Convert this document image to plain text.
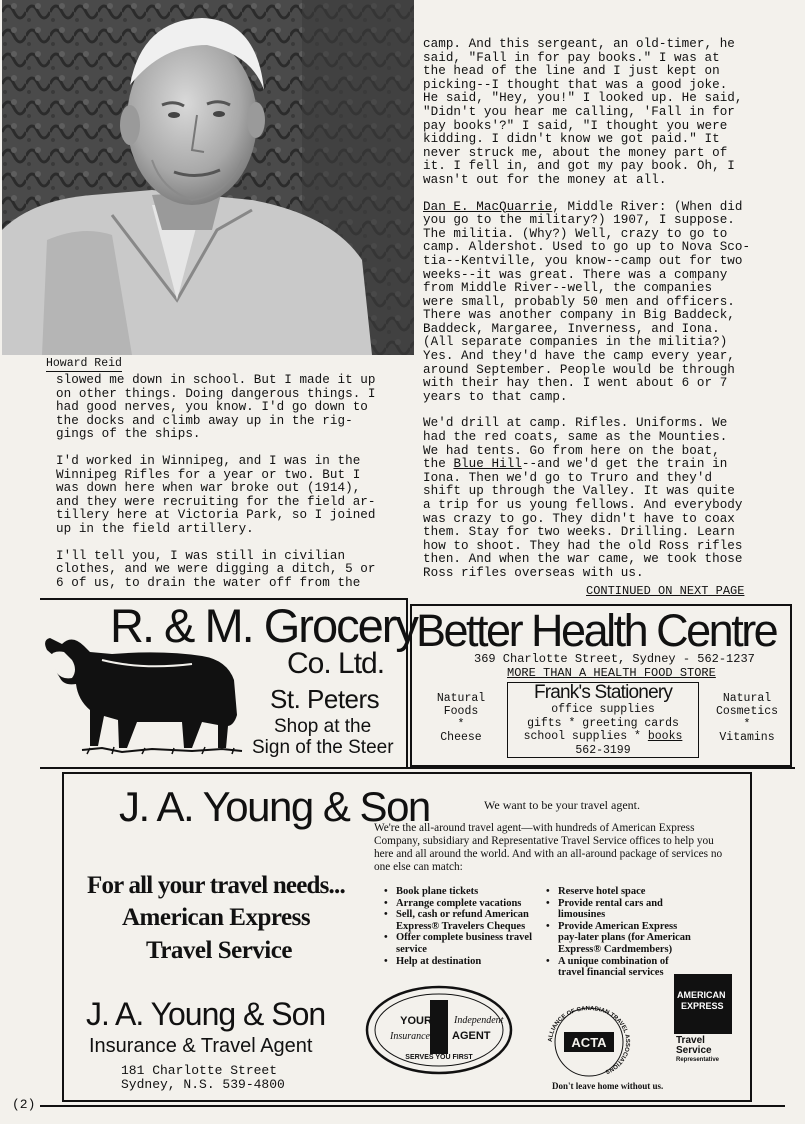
Howard Reid

slowed me down in school. But I made it up

on other things. Doing dangerous things. I

had good nerves, you know. I'd go down to

the docks and climb away up in the rig-

gings of the ships.

I'd worked in Winnipeg, and I was in the

Winnipeg Rifles for a year or two. But I

was down here when war broke out (1914),

and they were recruiting for the field ar-

tillery here at Victoria Park, so I joined

up in the field artillery.

I'll tell you, I was still in civilian

clothes, and we were digging a ditch, 5 or

6 of us, to drain the water off from the

camp. And this sergeant, an old-timer, he

said, "Fall in for pay books." I was at

the head of the line and I just kept on

picking--I thought that was a good joke.

He said, "Hey, you!" I looked up. He said,

"Didn't you hear me calling, 'Fall in for

pay books'?" I said, "I thought you were

kidding. I didn't know we got paid." It

never struck me, about the money part of

it. I fell in, and got my pay book. Oh, I

wasn't out for the money at all.

Dan E. MacQuarrie, Middle River: (When did

you go to the military?) 1907, I suppose.

The militia. (Why?) Well, crazy to go to

camp. Aldershot. Used to go up to Nova Sco-

tia--Kentville, you know--camp out for two

weeks--it was great. There was a company

from Middle River--well, the companies

were small, probably 50 men and officers.

There was another company in Big Baddeck,

Baddeck, Margaree, Inverness, and Iona.

(All separate companies in the militia?)

Yes. And they'd have the camp every year,

around September. People would be through

with their hay then. I went about 6 or 7

years to that camp.

We'd drill at camp. Rifles. Uniforms. We

had the red coats, same as the Mounties.

We had tents. Go from here on the boat,

the Blue Hill--and we'd get the train in

Iona. Then we'd go to Truro and they'd

shift up through the Valley. It was quite

a trip for us young fellows. And everybody

was crazy to go. They didn't have to coax

them. Stay for two weeks. Drilling. Learn

how to shoot. They had the old Ross rifles

then. And when the war came, we took those

Ross rifles overseas with us.

CONTINUED ON NEXT PAGE
R. & M. Grocery
Co. Ltd.
St. Peters
Shop at the
Sign of the Steer
Better Health Centre
369 Charlotte Street, Sydney - 562-1237
MORE THAN A HEALTH FOOD STORE
Natural
Foods
*
Cheese
Natural
Cosmetics
*
Vitamins
Frank's Stationery
office supplies
gifts * greeting cards
school supplies * books
562-3199
J. A. Young & Son	We want to be your travel agent.
We're the all-around travel agent—with hundreds of American Express Company, subsidiary and Representative Travel Service offices to help you here and all around the world. And with an all-around package of services no one else can match:
For all your travel needs...
American Express
Travel Service
• Book plane tickets
• Arrange complete vacations
• Sell, cash or refund American Express® Travelers Cheques
• Offer complete business travel service
• Help at destination
• Reserve hotel space
• Provide rental cars and limousines
• Provide American Express pay-later plans (for American Express® Cardmembers)
• A unique combination of travel financial services
J. A. Young & Son
Insurance & Travel Agent
181 Charlotte Street
Sydney, N.S. 539-4800
YOUR Independent
Insurance AGENT
SERVES YOU FIRST
ALLIANCE OF CANADIAN TRAVEL ASSOCIATIONS
ACTA
AMERICAN
EXPRESS
Travel
Service
Representative
Don't leave home without us.
(2)
